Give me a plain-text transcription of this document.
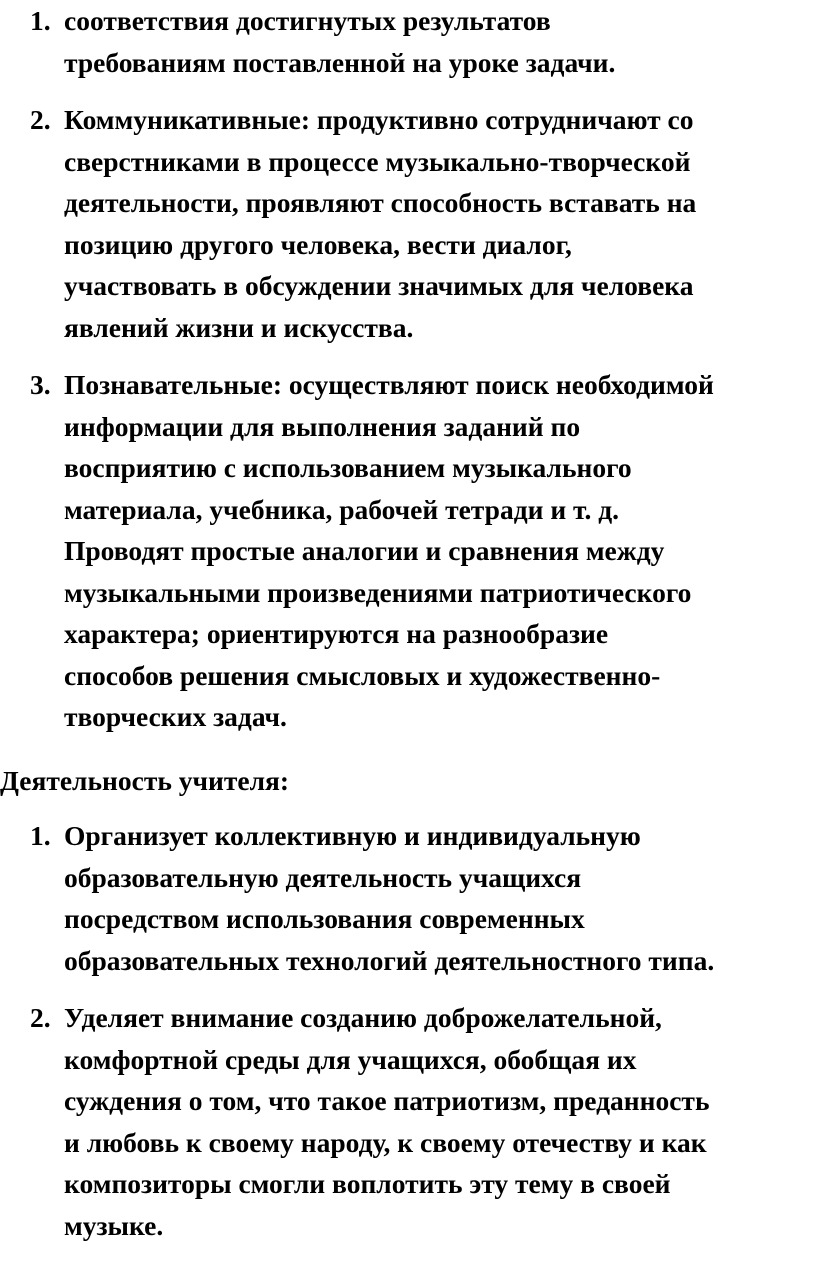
1. соответствия достигнутых результатов
требованиям поставленной на уроке задачи.
2. Коммуникативные: продуктивно сотрудничают со
сверстниками в процессе музыкально-творческой
деятельности, проявляют способность вставать на
позицию другого человека, вести диалог,
участвовать в обсуждении значимых для человека
явлений жизни и искусства.
3. Познавательные: осуществляют поиск необходимой
информации для выполнения заданий по
восприятию с использованием музыкального
материала, учебника, рабочей тетради и т. д.
Проводят простые аналогии и сравнения между
музыкальными произведениями патриотического
характера; ориентируются на разнообразие
способов решения смысловых и художественно-
творческих задач.

Деятельность учителя:

1. Организует коллективную и индивидуальную
образовательную деятельность учащихся
посредством использования современных
образовательных технологий деятельностного типа.
2. Уделяет внимание созданию доброжелательной,
комфортной среды для учащихся, обобщая их
суждения о том, что такое патриотизм, преданность
и любовь к своему народу, к своему отечеству и как
композиторы смогли воплотить эту тему в своей
музыке.
